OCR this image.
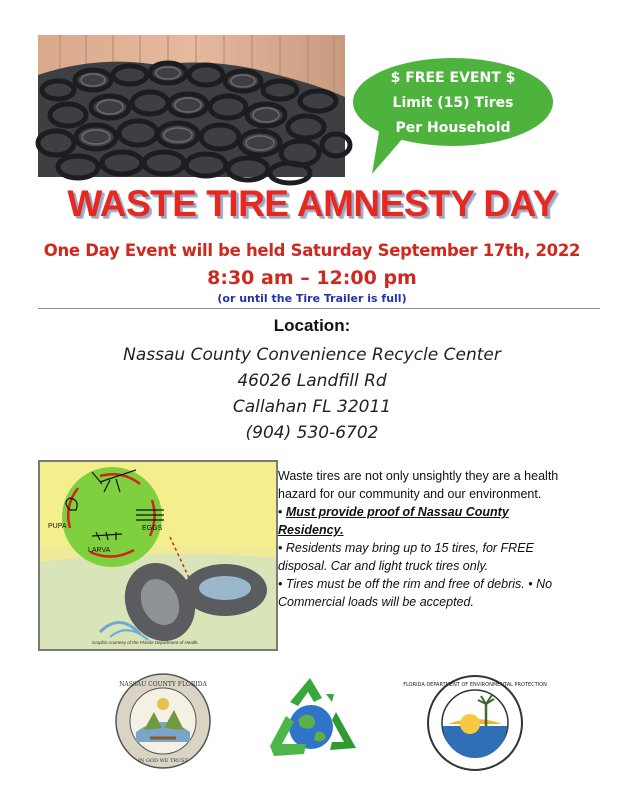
$ FREE EVENT $
Limit (15) Tires
Per Household
WASTE TIRE AMNESTY DAY
One Day Event will be held Saturday September 17th, 2022
8:30 am – 12:00 pm
(or until the Tire Trailer is full)
Location:
Nassau County Convenience Recycle Center
46026 Landfill Rd
Callahan FL 32011
(904) 530-6702
PUPA	EGGS
LARVA
Graphic courtesy of the Florida Department of Health.

Waste tires are not only unsightly they are a health hazard for our community and our environment.

• Must provide proof of Nassau County Residency.

• Residents may bring up to 15 tires, for FREE disposal. Car and light truck tires only.

• Tires must be off the rim and free of debris. • No Commercial loads will be accepted.

NASSAU COUNTY FLORIDA
IN GOD WE TRUST
FLORIDA DEPARTMENT OF ENVIRONMENTAL PROTECTION
